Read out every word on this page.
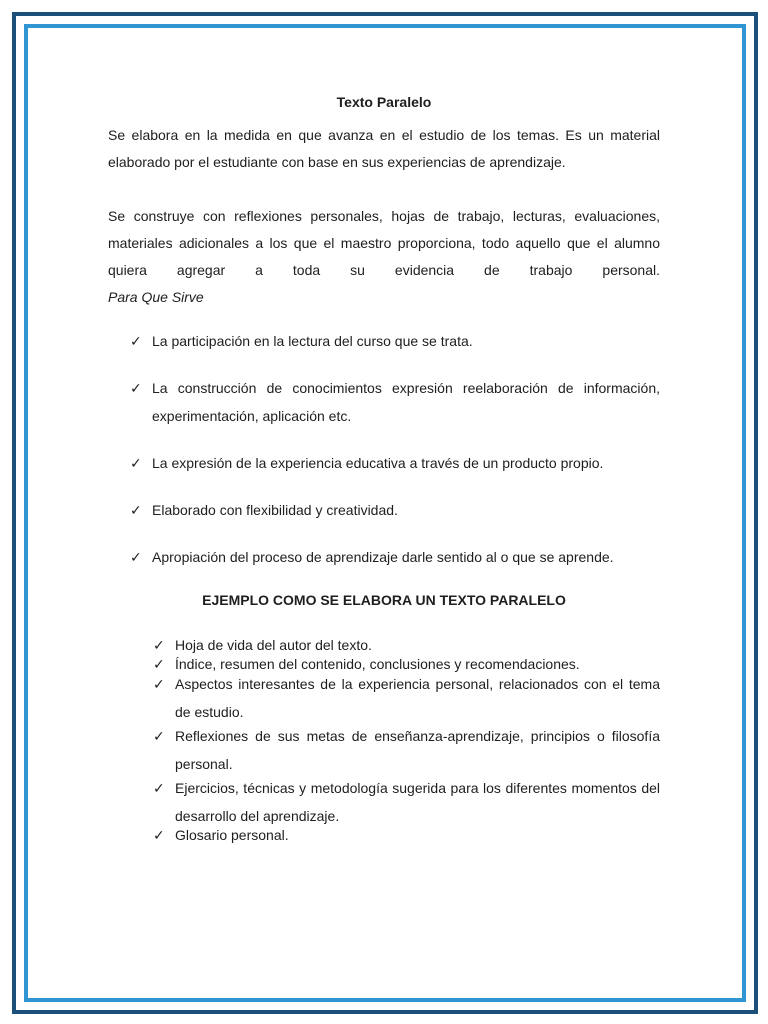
Texto Paralelo

Se elabora en la medida en que avanza en el estudio de los temas. Es un material elaborado por el estudiante con base en sus experiencias de aprendizaje.

Se construye con reflexiones personales, hojas de trabajo, lecturas, evaluaciones, materiales adicionales a los que el maestro proporciona, todo aquello que el alumno quiera agregar a toda su evidencia de trabajo personal.
Para Que Sirve

✓ La participación en la lectura del curso que se trata.
✓ La construcción de conocimientos expresión reelaboración de información, experimentación, aplicación etc.
✓ La expresión de la experiencia educativa a través de un producto propio.
✓ Elaborado con flexibilidad y creatividad.
✓ Apropiación del proceso de aprendizaje darle sentido al o que se aprende.
EJEMPLO COMO SE ELABORA UN TEXTO PARALELO
✓ Hoja de vida del autor del texto.
✓ Índice, resumen del contenido, conclusiones y recomendaciones.
✓ Aspectos interesantes de la experiencia personal, relacionados con el tema de estudio.
✓ Reflexiones de sus metas de enseñanza-aprendizaje, principios o filosofía personal.
✓ Ejercicios, técnicas y metodología sugerida para los diferentes momentos del desarrollo del aprendizaje.
✓ Glosario personal.
